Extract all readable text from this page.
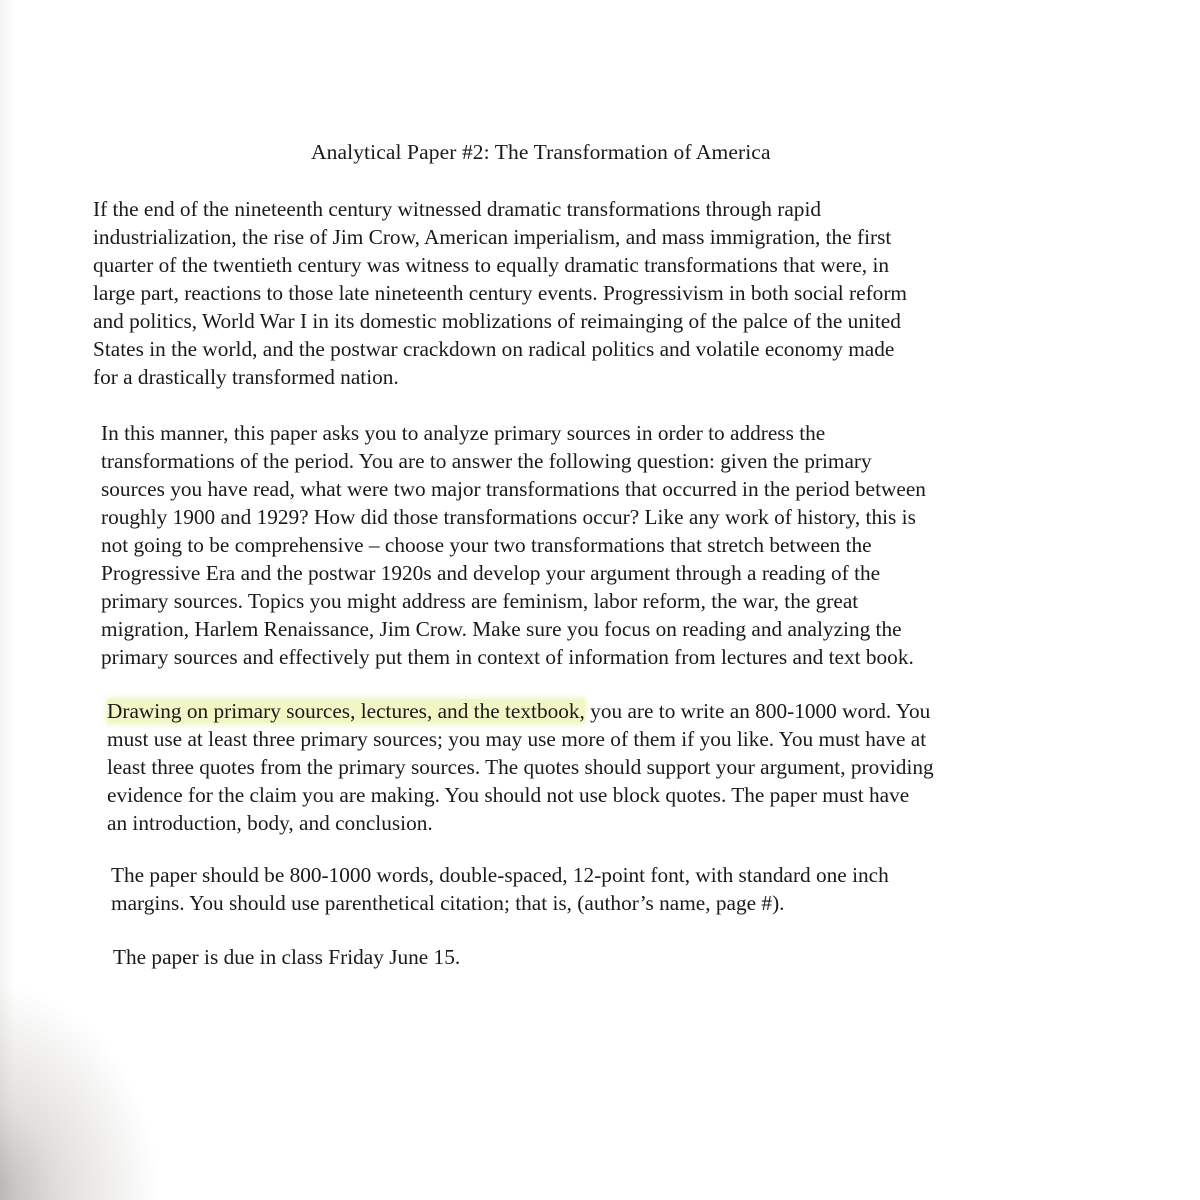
Analytical Paper #2: The Transformation of America
If the end of the nineteenth century witnessed dramatic transformations through rapid
industrialization, the rise of Jim Crow, American imperialism, and mass immigration, the first
quarter of the twentieth century was witness to equally dramatic transformations that were, in
large part, reactions to those late nineteenth century events. Progressivism in both social reform
and politics, World War I in its domestic moblizations of reimainging of the palce of the united
States in the world, and the postwar crackdown on radical politics and volatile economy made
for a drastically transformed nation.
In this manner, this paper asks you to analyze primary sources in order to address the
transformations of the period. You are to answer the following question: given the primary
sources you have read, what were two major transformations that occurred in the period between
roughly 1900 and 1929? How did those transformations occur? Like any work of history, this is
not going to be comprehensive – choose your two transformations that stretch between the
Progressive Era and the postwar 1920s and develop your argument through a reading of the
primary sources. Topics you might address are feminism, labor reform, the war, the great
migration, Harlem Renaissance, Jim Crow. Make sure you focus on reading and analyzing the
primary sources and effectively put them in context of information from lectures and text book.
Drawing on primary sources, lectures, and the textbook, you are to write an 800-1000 word. You
must use at least three primary sources; you may use more of them if you like. You must have at
least three quotes from the primary sources. The quotes should support your argument, providing
evidence for the claim you are making. You should not use block quotes. The paper must have
an introduction, body, and conclusion.
The paper should be 800-1000 words, double-spaced, 12-point font, with standard one inch
margins. You should use parenthetical citation; that is, (author’s name, page #).
The paper is due in class Friday June 15.
